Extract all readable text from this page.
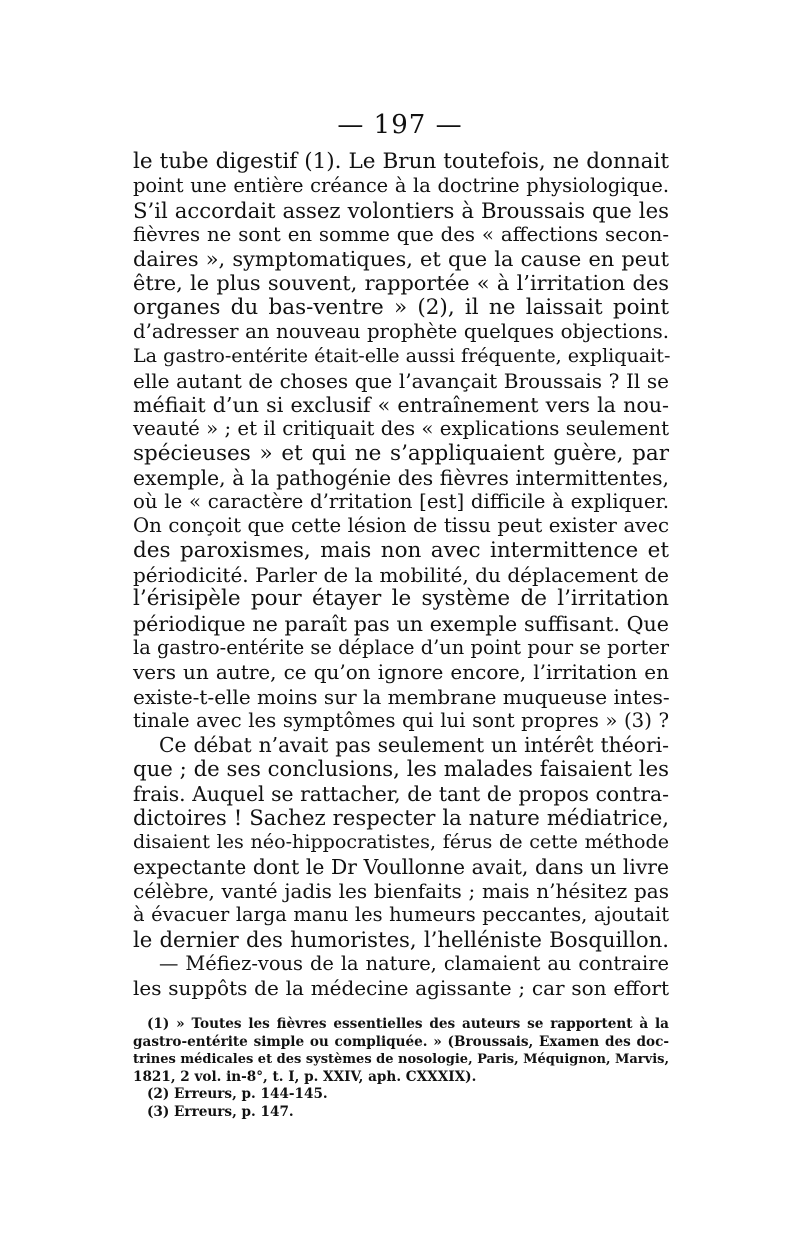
— 197 —
le tube digestif (1). Le Brun toutefois, ne donnait
point une entière créance à la doctrine physiologique.
S’il accordait assez volontiers à Broussais que les
fièvres ne sont en somme que des « affections secon-
daires », symptomatiques, et que la cause en peut
être, le plus souvent, rapportée « à l’irritation des
organes du bas-ventre » (2), il ne laissait point
d’adresser an nouveau prophète quelques objections.
La gastro-entérite était-elle aussi fréquente, expliquait-
elle autant de choses que l’avançait Broussais ? Il se
méfiait d’un si exclusif « entraînement vers la nou-
veauté » ; et il critiquait des « explications seulement
spécieuses » et qui ne s’appliquaient guère, par
exemple, à la pathogénie des fièvres intermittentes,
où le « caractère d’rritation [est] difficile à expliquer.
On conçoit que cette lésion de tissu peut exister avec
des paroxismes, mais non avec intermittence et
périodicité. Parler de la mobilité, du déplacement de
l’érisipèle pour étayer le système de l’irritation
périodique ne paraît pas un exemple suffisant. Que
la gastro-entérite se déplace d’un point pour se porter
vers un autre, ce qu’on ignore encore, l’irritation en
existe-t-elle moins sur la membrane muqueuse intes-
tinale avec les symptômes qui lui sont propres » (3) ?
Ce débat n’avait pas seulement un intérêt théori-
que ; de ses conclusions, les malades faisaient les
frais. Auquel se rattacher, de tant de propos contra-
dictoires ! Sachez respecter la nature médiatrice,
disaient les néo-hippocratistes, férus de cette méthode
expectante dont le Dr Voullonne avait, dans un livre
célèbre, vanté jadis les bienfaits ; mais n’hésitez pas
à évacuer larga manu les humeurs peccantes, ajoutait
le dernier des humoristes, l’helléniste Bosquillon.
— Méfiez-vous de la nature, clamaient au contraire
les suppôts de la médecine agissante ; car son effort
(1) » Toutes les fièvres essentielles des auteurs se rapportent à la
gastro-entérite simple ou compliquée. » (Broussais, Examen des doc-
trines médicales et des systèmes de nosologie, Paris, Méquignon, Marvis,
1821, 2 vol. in-8°, t. I, p. XXIV, aph. CXXXIX).
(2) Erreurs, p. 144-145.
(3) Erreurs, p. 147.
